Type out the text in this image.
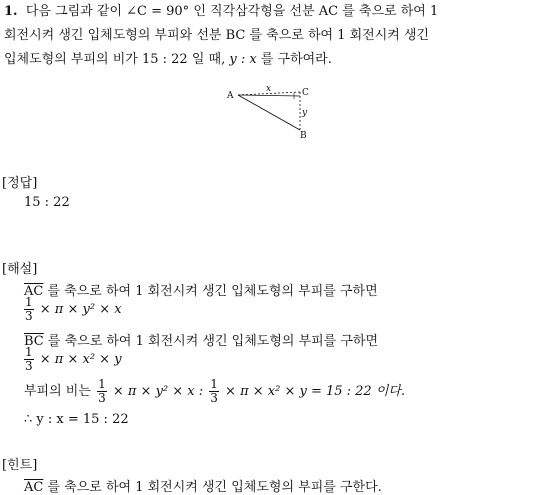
1. 다음 그림과 같이 ∠C = 90° 인 직각삼각형을 선분 AC 를 축으로 하여 1
회전시켜 생긴 입체도형의 부피와 선분 BC 를 축으로 하여 1 회전시켜 생긴
입체도형의 부피의 비가 15 : 22 일 때, y : x 를 구하여라.
A	C
B
x
y
[정답]
15 : 22
[해설]
$\overline{AC}$ 를 축으로 하여 1 회전시켜 생긴 입체도형의 부피를 구하면
$\frac{1}{3} \times \pi \times y^2 \times x$
$\overline{BC}$ 를 축으로 하여 1 회전시켜 생긴 입체도형의 부피를 구하면
$\frac{1}{3} \times \pi \times x^2 \times y$
부피의 비는 $\frac{1}{3} \times \pi \times y^2 \times x$ : $\frac{1}{3} \times \pi \times x^2 \times y = 15$ : 22 이다.
∴ y : x = 15 : 22
[힌트]
$\overline{AC}$ 를 축으로 하여 1 회전시켜 생긴 입체도형의 부피를 구한다.
